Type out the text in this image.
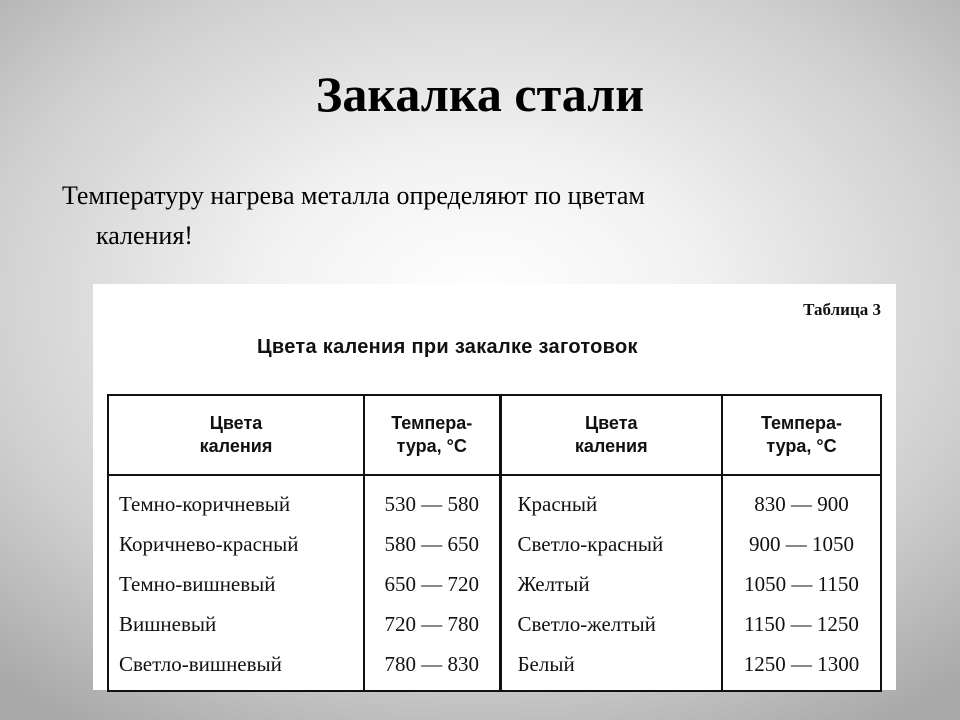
Закалка стали
Температуру нагрева металла определяют по цветам
каления!
Таблица 3
Цвета каления при закалке заготовок
Цвета каления	Темпера-тура, °С	Цвета каления	Темпера-тура, °С
Темно-коричневый	530 — 580	Красный	830 — 900
Коричнево-красный	580 — 650	Светло-красный	900 — 1050
Темно-вишневый	650 — 720	Желтый	1050 — 1150
Вишневый	720 — 780	Светло-желтый	1150 — 1250
Светло-вишневый	780 — 830	Белый	1250 — 1300
